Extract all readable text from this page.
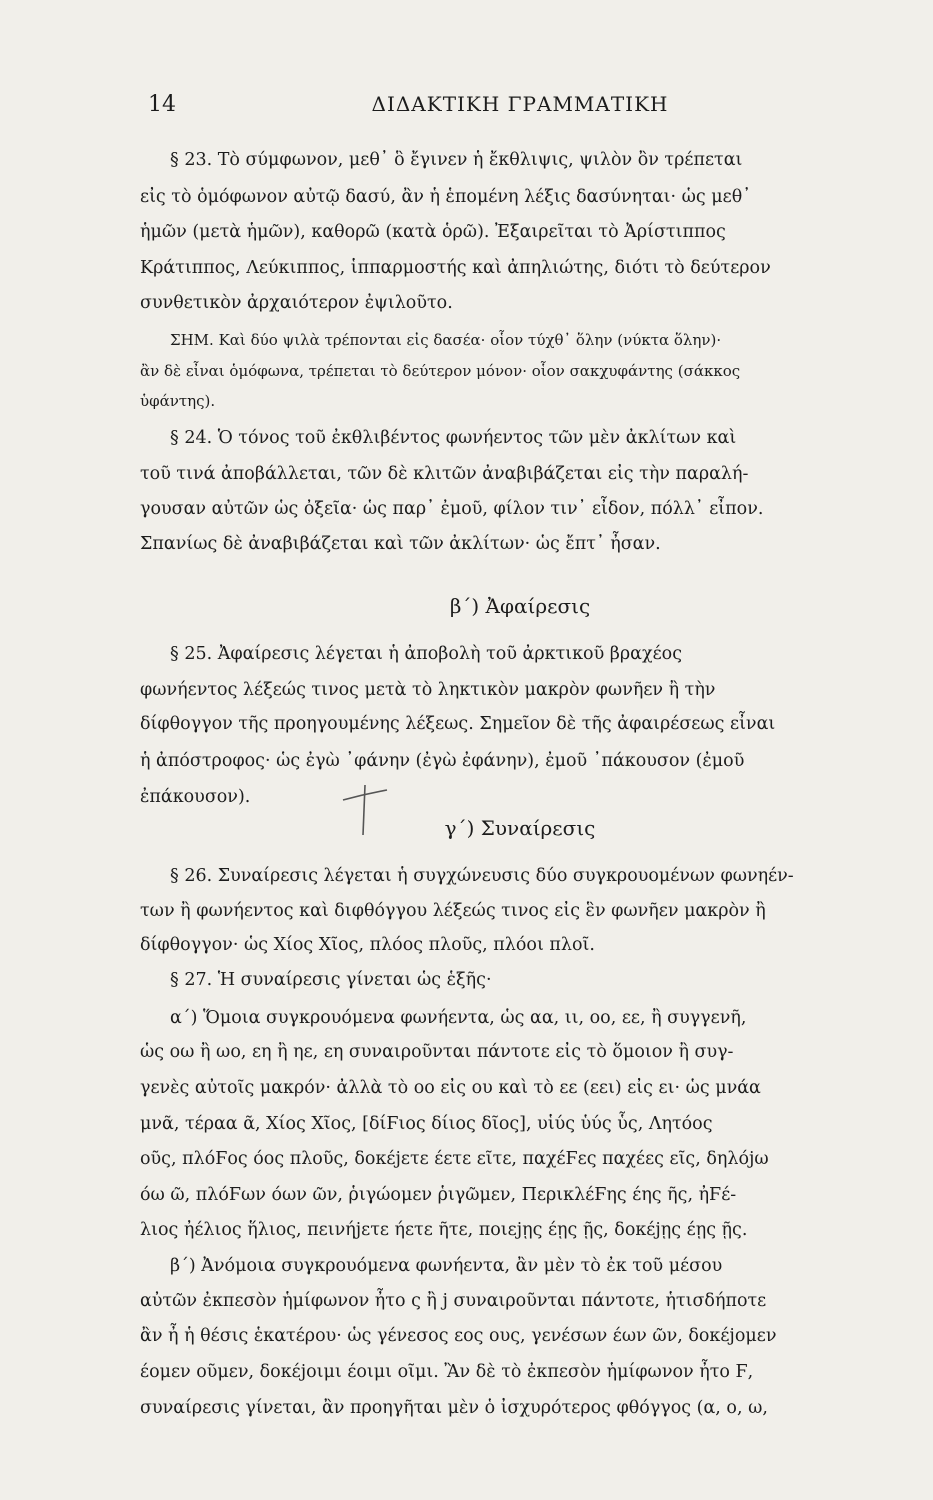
14	ΔΙΔΑΚΤΙΚΗ ΓΡΑΜΜΑΤΙΚΗ
§ 23. Τὸ σύμφωνον, μεθ᾽ ὃ ἔγινεν ἡ ἔκθλιψις, ψιλὸν ὂν τρέπεται
εἰς τὸ ὁμόφωνον αὐτῷ δασύ, ἂν ἡ ἑπομένη λέξις δασύνηται· ὡς μεθ᾽
ἡμῶν (μετὰ ἡμῶν), καθορῶ (κατὰ ὁρῶ). Ἐξαιρεῖται τὸ Ἀρίστιππος
Κράτιππος, Λεύκιππος, ἱππαρμοστής καὶ ἀπηλιώτης, διότι τὸ δεύτερον
συνθετικὸν ἀρχαιότερον ἐψιλοῦτο.
ΣΗΜ. Καὶ δύο ψιλὰ τρέπονται εἰς δασέα· οἷον τύχθ᾽ ὅλην (νύκτα ὅλην)·
ἂν δὲ εἶναι ὁμόφωνα, τρέπεται τὸ δεύτερον μόνον· οἷον σακχυφάντης (σάκκος
ὑφάντης).
§ 24. Ὁ τόνος τοῦ ἐκθλιβέντος φωνήεντος τῶν μὲν ἀκλίτων καὶ
τοῦ τινά ἀποβάλλεται, τῶν δὲ κλιτῶν ἀναβιβάζεται εἰς τὴν παραλή-
γουσαν αὐτῶν ὡς ὀξεῖα· ὡς παρ᾽ ἐμοῦ, φίλον τιν᾽ εἶδον, πόλλ᾽ εἶπον.
Σπανίως δὲ ἀναβιβάζεται καὶ τῶν ἀκλίτων· ὡς ἔπτ᾽ ἦσαν.
§ 25. Ἀφαίρεσις λέγεται ἡ ἀποβολὴ τοῦ ἀρκτικοῦ βραχέος
φωνήεντος λέξεώς τινος μετὰ τὸ ληκτικὸν μακρὸν φωνῆεν ἢ τὴν
δίφθογγον τῆς προηγουμένης λέξεως. Σημεῖον δὲ τῆς ἀφαιρέσεως εἶναι
ἡ ἀπόστροφος· ὡς ἐγὼ ᾽φάνην (ἐγὼ ἐφάνην), ἐμοῦ ᾽πάκουσον (ἐμοῦ
ἐπάκουσον).
§ 26. Συναίρεσις λέγεται ἡ συγχώνευσις δύο συγκρουομένων φωνηέν-
των ἢ φωνήεντος καὶ διφθόγγου λέξεώς τινος εἰς ἓν φωνῆεν μακρὸν ἢ
δίφθογγον· ὡς Χίος Χῖος, πλόος πλοῦς, πλόοι πλοῖ.
§ 27. Ἡ συναίρεσις γίνεται ὡς ἑξῆς·
α΄) Ὅμοια συγκρουόμενα φωνήεντα, ὡς αα, ιι, οο, εε, ἢ συγγενῆ,
ὡς οω ἢ ωο, εη ἢ ηε, εη συναιροῦνται πάντοτε εἰς τὸ ὅμοιον ἢ συγ-
γενὲς αὐτοῖς μακρόν· ἀλλὰ τὸ οο εἰς ου καὶ τὸ εε (εει) εἰς ει· ὡς μνάα
μνᾶ, τέραα ᾶ, Χίος Χῖος, [δίϜιος δίιος δῖος], υἱύς ὑύς ὗς, Λητόος
οῦς, πλόϜος όος πλοῦς, δοκέjετε έετε εῖτε, παχέϜες παχέες εῖς, δηλόjω
όω ῶ, πλόϜων όων ῶν, ῥιγώομεν ῥιγῶμεν, ΠερικλέϜης έης ῆς, ἠϜέ-
λιος ἠέλιος ἥλιος, πεινήjετε ήετε ῆτε, ποιεjῃς έῃς ῇς, δοκέjῃς έῃς ῇς.
β΄) Ἀνόμοια συγκρουόμενα φωνήεντα, ἂν μὲν τὸ ἐκ τοῦ μέσου
αὐτῶν ἐκπεσὸν ἡμίφωνον ἦτο ς ἢ j συναιροῦνται πάντοτε, ἡτισδήποτε
ἂν ἦ ἡ θέσις ἑκατέρου· ὡς γένεσος εος ους, γενέσων έων ῶν, δοκέjομεν
έομεν οῦμεν, δοκέjοιμι έοιμι οῖμι. Ἂν δὲ τὸ ἐκπεσὸν ἡμίφωνον ἦτο Ϝ,
συναίρεσις γίνεται, ἂν προηγῆται μὲν ὁ ἰσχυρότερος φθόγγος (α, ο, ω,
β΄) Ἀφαίρεσις
γ΄) Συναίρεσις
